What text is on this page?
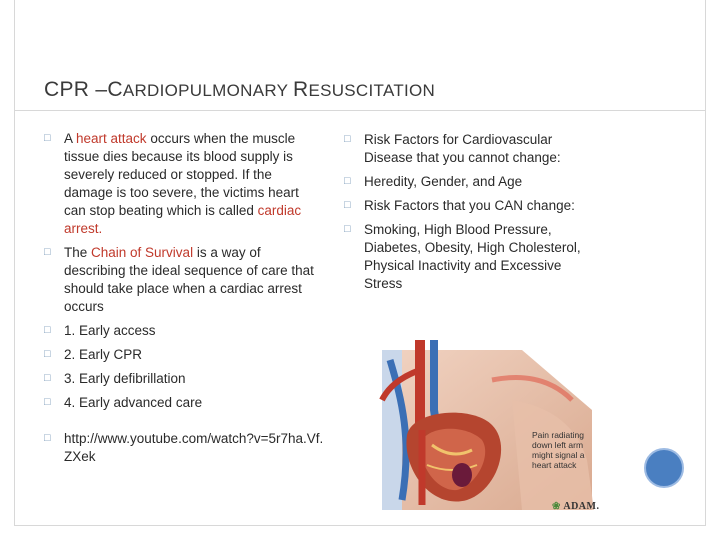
CPR –CARDIOPULMONARY RESUSCITATION
□ A heart attack occurs when the muscle tissue dies because its blood supply is severely reduced or stopped. If the damage is too severe, the victims heart can stop beating which is called cardiac arrest.
□ The Chain of Survival is a way of describing the ideal sequence of care that should take place when a cardiac arrest occurs
□ 1. Early access
□ 2. Early CPR
□ 3. Early defibrillation
□ 4. Early advanced care
□ http://www.youtube.com/watch?v=5r7ha.Vf.ZXek
□ Risk Factors for Cardiovascular Disease that you cannot change:
□ Heredity, Gender, and Age
□ Risk Factors that you CAN change:
□ Smoking, High Blood Pressure, Diabetes, Obesity, High Cholesterol, Physical Inactivity and Excessive Stress
Pain radiating down left arm might signal a heart attack
❀ ADAM.
